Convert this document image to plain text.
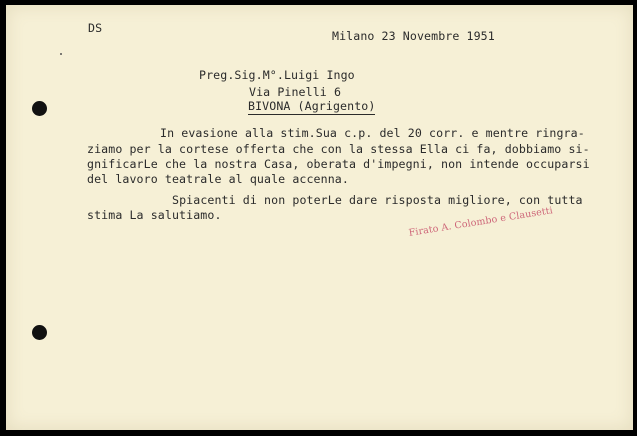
DS
Milano 23 Novembre 1951
Preg.Sig.M°.Luigi Ingo
Via Pinelli 6
BIVONA (Agrigento)
In evasione alla stim.Sua c.p. del 20 corr. e mentre ringra-
ziamo per la cortese offerta che con la stessa Ella ci fa, dobbiamo si-
gnificarLe che la nostra Casa, oberata d'impegni, non intende occuparsi
del lavoro teatrale al quale accenna.
Spiacenti di non poterLe dare risposta migliore, con tutta
stima La salutiamo.	Firato A. Colombo e Clausetti
